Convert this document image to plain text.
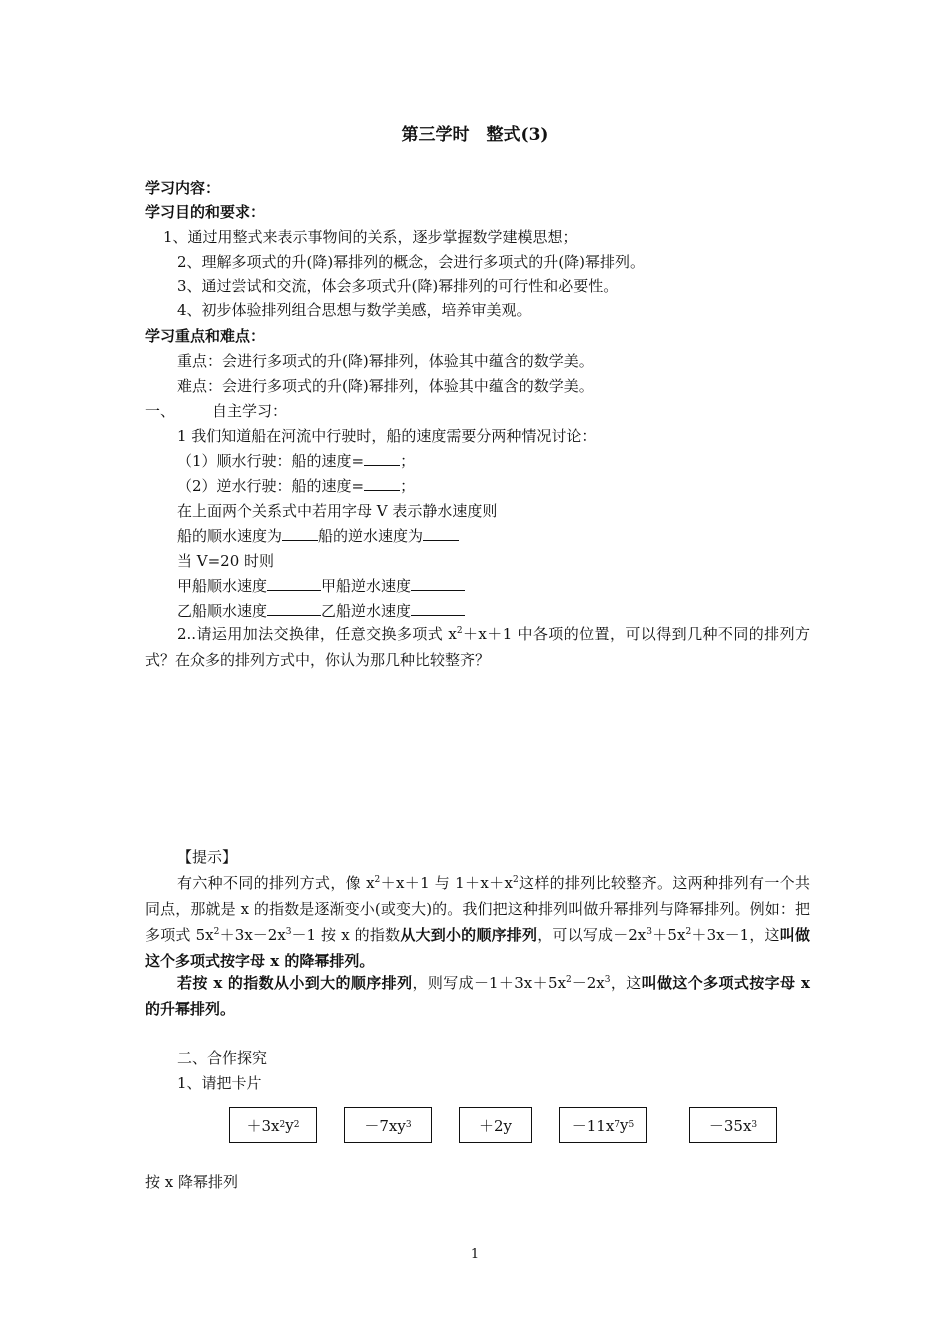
第三学时　整式(3)
学习内容：
学习目的和要求：
1、通过用整式来表示事物间的关系，逐步掌握数学建模思想；
2、理解多项式的升(降)幂排列的概念，会进行多项式的升(降)幂排列。
3、通过尝试和交流，体会多项式升(降)幂排列的可行性和必要性。
4、初步体验排列组合思想与数学美感，培养审美观。
学习重点和难点：
重点：会进行多项式的升(降)幂排列，体验其中蕴含的数学美。
难点：会进行多项式的升(降)幂排列，体验其中蕴含的数学美。
一、 自主学习：
1 我们知道船在河流中行驶时，船的速度需要分两种情况讨论：
（1）顺水行驶：船的速度= ；
（2）逆水行驶：船的速度= ；
在上面两个关系式中若用字母 V 表示静水速度则
船的顺水速度为 船的逆水速度为
当 V=20 时则
甲船顺水速度	甲船逆水速度
乙船顺水速度	乙船逆水速度
2..请运用加法交换律，任意交换多项式 $x^2+x+1$ 中各项的位置，可以得到几种不同的排列方式？在众多的排列方式中，你认为那几种比较整齐？
【提示】
有六种不同的排列方式，像 $x^2+x+1$ 与 $1+x+x^2$这样的排列比较整齐。这两种排列有一个共同点，那就是 x 的指数是逐渐变小(或变大)的。我们把这种排列叫做升幂排列与降幂排列。例如：把多项式 $5x^2+3x-2x^3-1$ 按 x 的指数从大到小的顺序排列，可以写成$-2x^3+5x^2+3x-1$，这叫做这个多项式按字母 x 的降幂排列。
若按 x 的指数从小到大的顺序排列，则写成$-1+3x+5x^2-2x^3$，这叫做这个多项式按字母 x 的升幂排列。
二、合作探究
1、请把卡片
＋3x 2 y 2	－7xy 3	＋2y	－11x 7 y 5	－35x 3
按 x 降幂排列
1
